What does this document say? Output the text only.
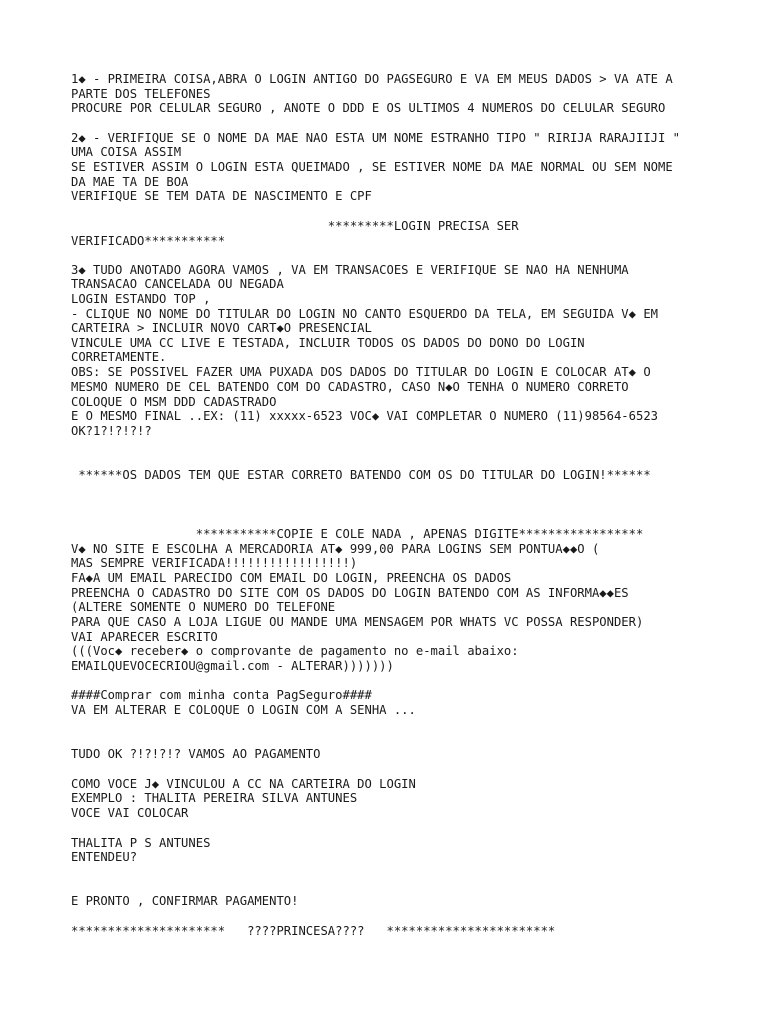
1◆ - PRIMEIRA COISA,ABRA O LOGIN ANTIGO DO PAGSEGURO E VA EM MEUS DADOS > VA ATE A

PARTE DOS TELEFONES

PROCURE POR CELULAR SEGURO , ANOTE O DDD E OS ULTIMOS 4 NUMEROS DO CELULAR SEGURO

2◆ - VERIFIQUE SE O NOME DA MAE NAO ESTA UM NOME ESTRANHO TIPO " RIRIJA RARAJIIJI "

UMA COISA ASSIM

SE ESTIVER ASSIM O LOGIN ESTA QUEIMADO , SE ESTIVER NOME DA MAE NORMAL OU SEM NOME

DA MAE TA DE BOA

VERIFIQUE SE TEM DATA DE NASCIMENTO E CPF

*********LOGIN PRECISA SER

VERIFICADO***********

3◆ TUDO ANOTADO AGORA VAMOS , VA EM TRANSACOES E VERIFIQUE SE NAO HA NENHUMA

TRANSACAO CANCELADA OU NEGADA

LOGIN ESTANDO TOP ,

- CLIQUE NO NOME DO TITULAR DO LOGIN NO CANTO ESQUERDO DA TELA, EM SEGUIDA V◆ EM

CARTEIRA > INCLUIR NOVO CART◆O PRESENCIAL

VINCULE UMA CC LIVE E TESTADA, INCLUIR TODOS OS DADOS DO DONO DO LOGIN

CORRETAMENTE.

OBS: SE POSSIVEL FAZER UMA PUXADA DOS DADOS DO TITULAR DO LOGIN E COLOCAR AT◆ O

MESMO NUMERO DE CEL BATENDO COM DO CADASTRO, CASO N◆O TENHA O NUMERO CORRETO

COLOQUE O MSM DDD CADASTRADO

E O MESMO FINAL ..EX: (11) xxxxx-6523 VOC◆ VAI COMPLETAR O NUMERO (11)98564-6523

OK?1?!?!?!?

******OS DADOS TEM QUE ESTAR CORRETO BATENDO COM OS DO TITULAR DO LOGIN!******

***********COPIE E COLE NADA , APENAS DIGITE*****************

V◆ NO SITE E ESCOLHA A MERCADORIA AT◆ 999,00 PARA LOGINS SEM PONTUA◆◆O (

MAS SEMPRE VERIFICADA!!!!!!!!!!!!!!!!!)

FA◆A UM EMAIL PARECIDO COM EMAIL DO LOGIN, PREENCHA OS DADOS

PREENCHA O CADASTRO DO SITE COM OS DADOS DO LOGIN BATENDO COM AS INFORMA◆◆ES

(ALTERE SOMENTE O NUMERO DO TELEFONE

PARA QUE CASO A LOJA LIGUE OU MANDE UMA MENSAGEM POR WHATS VC POSSA RESPONDER)

VAI APARECER ESCRITO

(((Voc◆ receber◆ o comprovante de pagamento no e-mail abaixo:

EMAILQUEVOCECRIOU@gmail.com - ALTERAR)))))))

####Comprar com minha conta PagSeguro####

VA EM ALTERAR E COLOQUE O LOGIN COM A SENHA ...

TUDO OK ?!?!?!? VAMOS AO PAGAMENTO

COMO VOCE J◆ VINCULOU A CC NA CARTEIRA DO LOGIN

EXEMPLO : THALITA PEREIRA SILVA ANTUNES

VOCE VAI COLOCAR

THALITA P S ANTUNES

ENTENDEU?

E PRONTO , CONFIRMAR PAGAMENTO!

*********************   ????PRINCESA????   ***********************
